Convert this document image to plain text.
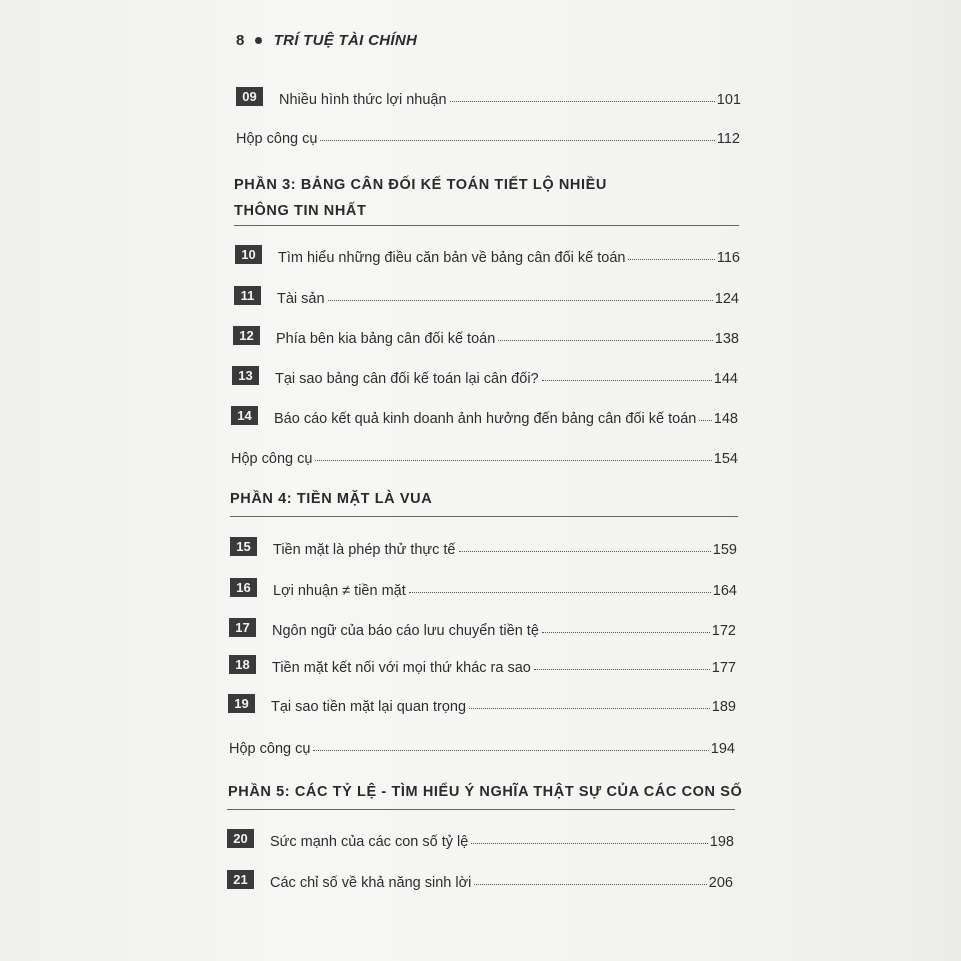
8 TRÍ TUỆ TÀI CHÍNH

09	Nhiều hình thức lợi nhuận	101
Hộp công cụ	112
PHẦN 3: BẢNG CÂN ĐỐI KẾ TOÁN TIẾT LỘ NHIỀU
THÔNG TIN NHẤT
10	Tìm hiểu những điều căn bản về bảng cân đối kế toán	116
11	Tài sản	124
12	Phía bên kia bảng cân đối kế toán	138
13	Tại sao bảng cân đối kế toán lại cân đối?	144
14	Báo cáo kết quả kinh doanh ảnh hưởng đến bảng cân đối kế toán 148
Hộp công cụ	154
PHẦN 4: TIỀN MẶT LÀ VUA
15	Tiền mặt là phép thử thực tế	159
16	Lợi nhuận ≠ tiền mặt	164
17	Ngôn ngữ của báo cáo lưu chuyển tiền tệ	172
18	Tiền mặt kết nối với mọi thứ khác ra sao	177
19	Tại sao tiền mặt lại quan trọng	189
Hộp công cụ	194
PHẦN 5: CÁC TỶ LỆ - TÌM HIỂU Ý NGHĨA THẬT SỰ CỦA CÁC CON SỐ
20	Sức mạnh của các con số tỷ lệ	198
21	Các chỉ số về khả năng sinh lời	206
